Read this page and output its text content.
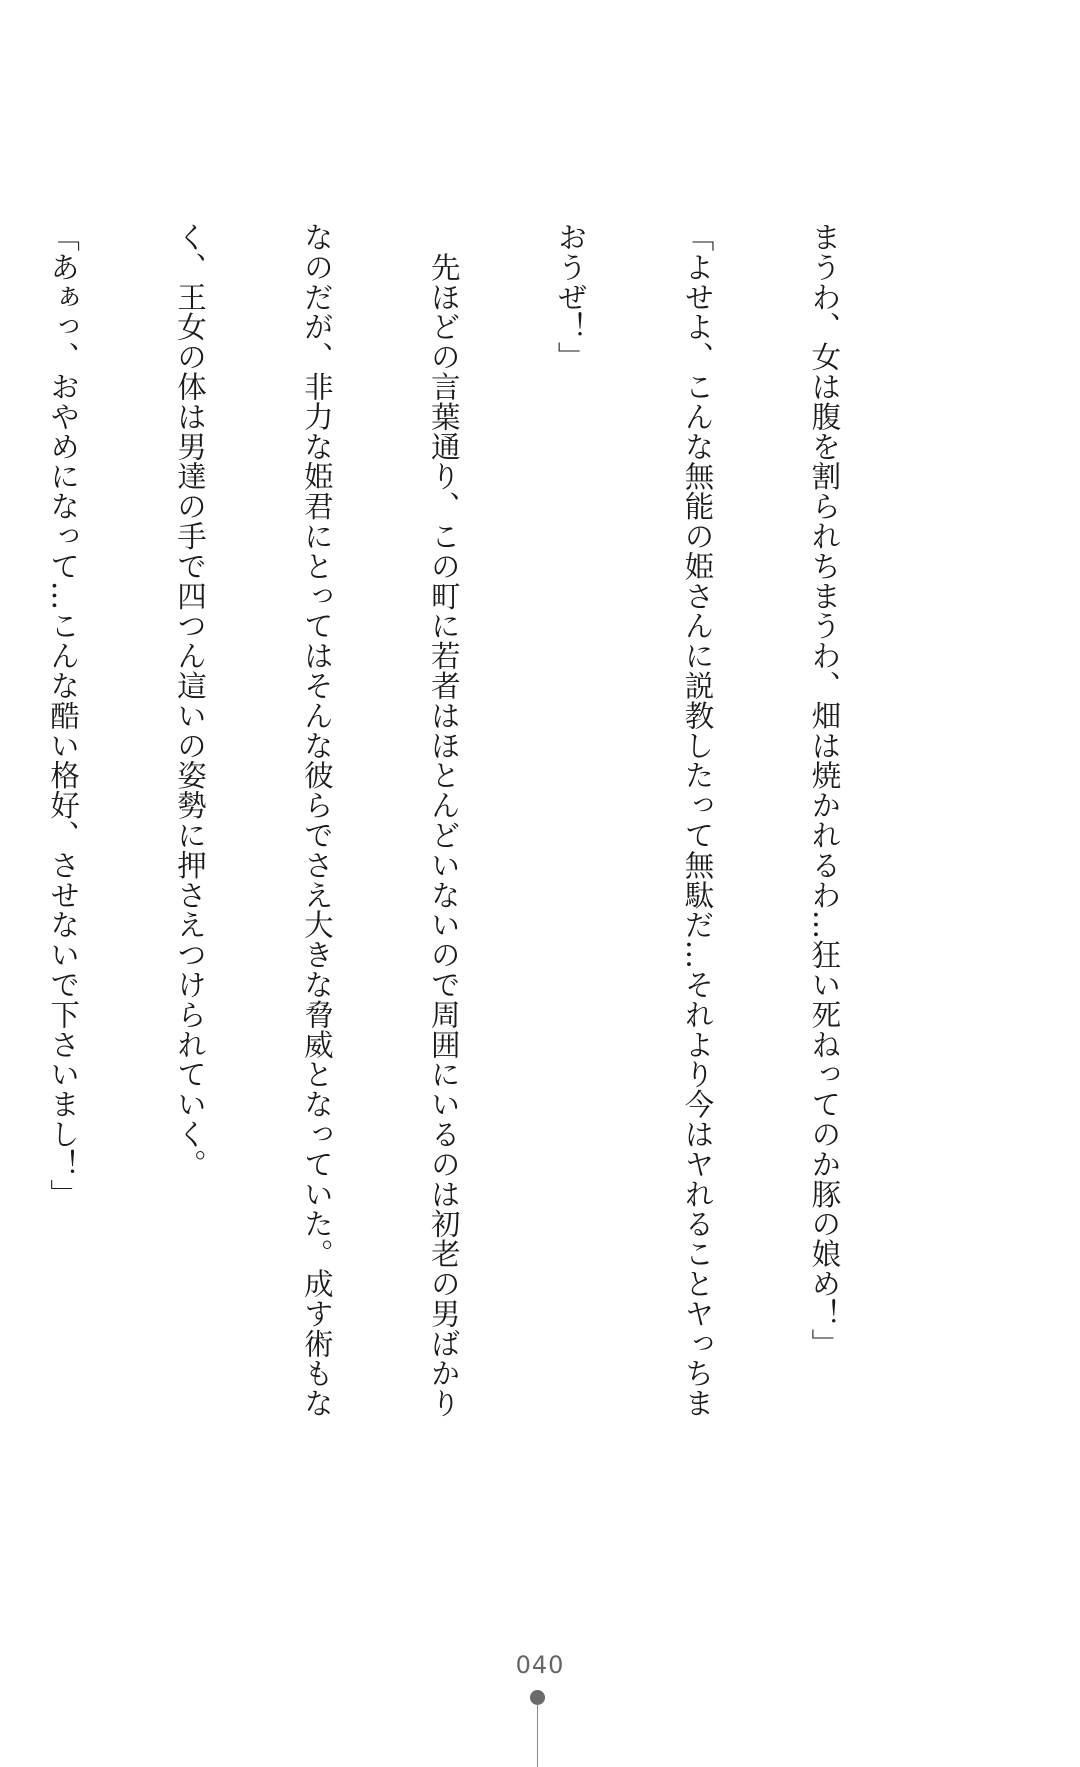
まうわ、女は腹を割られちまうわ、畑は焼かれるわ…狂い死ねってのか豚の娘め！」

「よせよ、こんな無能の姫さんに説教したって無駄だ…それより今はヤれることヤっちま

おうぜ！」

　先ほどの言葉通り、この町に若者はほとんどいないので周囲にいるのは初老の男ばかり

なのだが、非力な姫君にとってはそんな彼らでさえ大きな脅威となっていた。成す術もな

く、王女の体は男達の手で四つん這いの姿勢に押さえつけられていく。

「あぁっ、おやめになって…こんな酷い格好、させないで下さいまし！」

040
